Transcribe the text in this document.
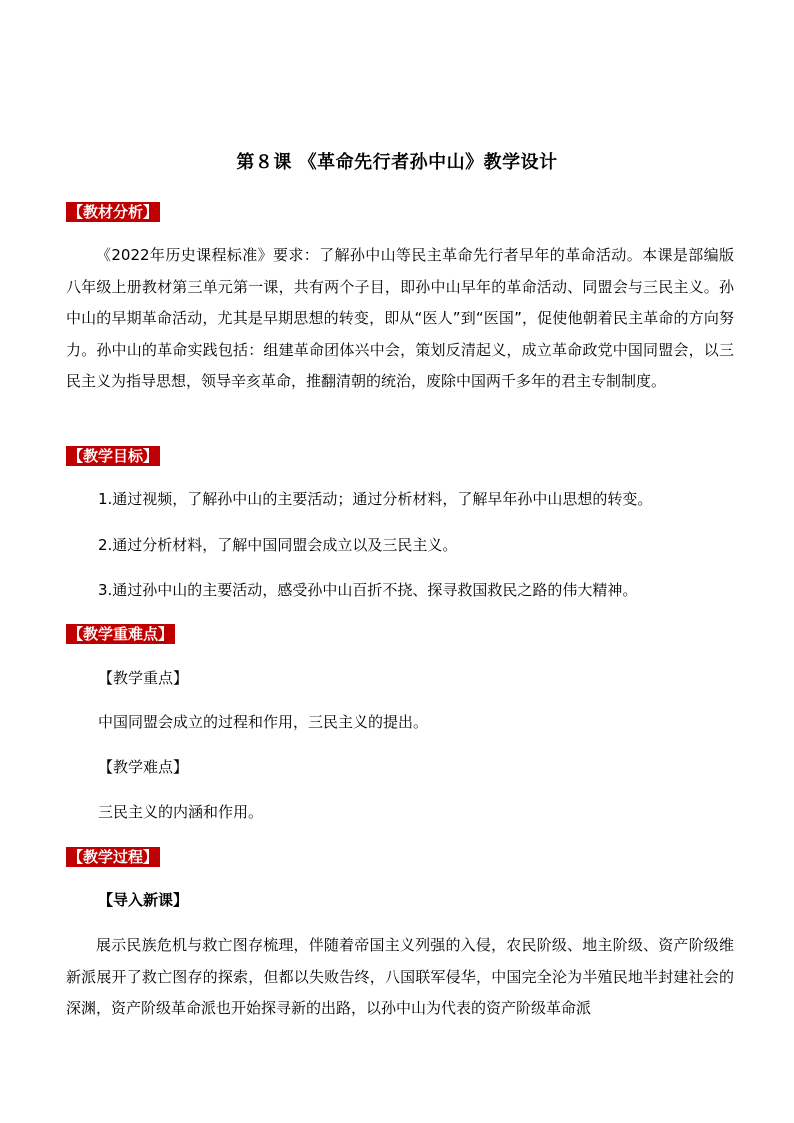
第８课 《革命先行者孙中山》教学设计
【教材分析】
《2022年历史课程标准》要求：了解孙中山等民主革命先行者早年的革命活动。本课是部编版八年级上册教材第三单元第一课，共有两个子目，即孙中山早年的革命活动、同盟会与三民主义。孙中山的早期革命活动，尤其是早期思想的转变，即从“医人”到“医国”，促使他朝着民主革命的方向努力。孙中山的革命实践包括：组建革命团体兴中会，策划反清起义，成立革命政党中国同盟会，以三民主义为指导思想，领导辛亥革命，推翻清朝的统治，废除中国两千多年的君主专制制度。
【教学目标】
1.通过视频，了解孙中山的主要活动；通过分析材料，了解早年孙中山思想的转变。
2.通过分析材料，了解中国同盟会成立以及三民主义。
3.通过孙中山的主要活动，感受孙中山百折不挠、探寻救国救民之路的伟大精神。
【教学重难点】
【教学重点】
中国同盟会成立的过程和作用，三民主义的提出。
【教学难点】
三民主义的内涵和作用。
【教学过程】
【导入新课】
展示民族危机与救亡图存梳理，伴随着帝国主义列强的入侵，农民阶级、地主阶级、资产阶级维新派展开了救亡图存的探索，但都以失败告终，八国联军侵华，中国完全沦为半殖民地半封建社会的深渊，资产阶级革命派也开始探寻新的出路，以孙中山为代表的资产阶级革命派
